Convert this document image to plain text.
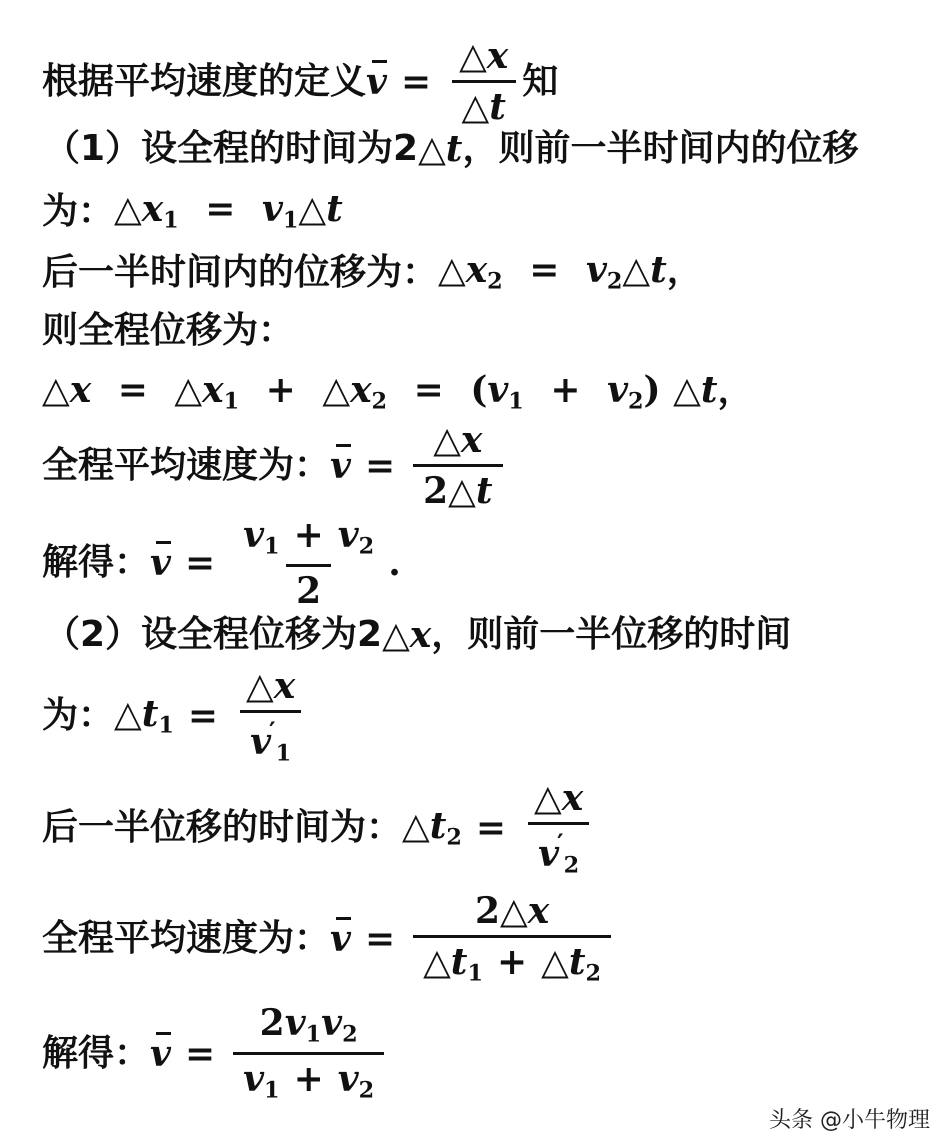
根据平均速度的定义 $v = \frac{\triangle x}{\triangle t}$ 知
（1）设全程的时间为2 △t ，则前一半时间内的位移
为： $\triangle x_1$ = $v_1\triangle t$
后一半时间内的位移为： $\triangle x_2$ = $v_2\triangle t$，
则全程位移为：
△x = $\triangle x_1$ + $\triangle x_2 = (v_1 + v_2)$ △t，
全程平均速度为： $v = \frac{\triangle x}{2\triangle t}$
解得： $v = \frac{v_1 + v_2}{2}$ .
（2）设全程位移为2 △x ，则前一半位移的时间
为： $\triangle t_1 = \frac{\triangle x}{v'_1}$
后一半位移的时间为： $\triangle t_2 = \frac{\triangle x}{v'_2}$
全程平均速度为： $v = \frac{2\triangle x}{\triangle t_1 + \triangle t_2}$
解得： $v = \frac{2v_1v_2}{v_1 + v_2}$
头条 @小牛物理
